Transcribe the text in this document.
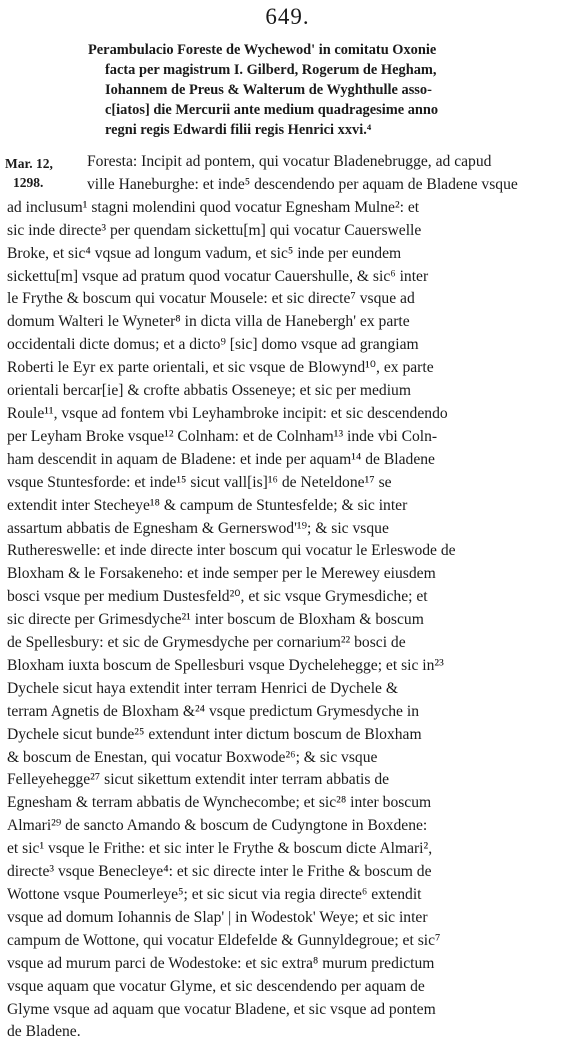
649.
Perambulacio Foreste de Wychewod' in comitatu Oxonie
facta per magistrum I. Gilberd, Rogerum de Hegham,
Iohannem de Preus & Walterum de Wyghthulle asso-
c[iatos] die Mercurii ante medium quadragesime anno
regni regis Edwardi filii regis Henrici xxvi.⁴
Mar. 12,
1298.
Foresta: Incipit ad pontem, qui vocatur Bladenebrugge, ad capud
ville Haneburghe: et inde⁵ descendendo per aquam de Bladene vsque
ad inclusum¹ stagni molendini quod vocatur Egnesham Mulne²: et
sic inde directe³ per quendam sickettu[m] qui vocatur Cauerswelle
Broke, et sic⁴ vqsue ad longum vadum, et sic⁵ inde per eundem
sickettu[m] vsque ad pratum quod vocatur Cauershulle, & sic⁶ inter
le Frythe & boscum qui vocatur Mousele: et sic directe⁷ vsque ad
domum Walteri le Wyneter⁸ in dicta villa de Hanebergh' ex parte
occidentali dicte domus; et a dicto⁹ [sic] domo vsque ad grangiam
Roberti le Eyr ex parte orientali, et sic vsque de Blowynd¹⁰, ex parte
orientali bercar[ie] & crofte abbatis Osseneye; et sic per medium
Roule¹¹, vsque ad fontem vbi Leyhambroke incipit: et sic descendendo
per Leyham Broke vsque¹² Colnham: et de Colnham¹³ inde vbi Coln-
ham descendit in aquam de Bladene: et inde per aquam¹⁴ de Bladene
vsque Stuntesforde: et inde¹⁵ sicut vall[is]¹⁶ de Neteldone¹⁷ se
extendit inter Stecheye¹⁸ & campum de Stuntesfelde; & sic inter
assartum abbatis de Egnesham & Gernerswod'¹⁹; & sic vsque
Ruthereswelle: et inde directe inter boscum qui vocatur le Erleswode de
Bloxham & le Forsakeneho: et inde semper per le Merewey eiusdem
bosci vsque per medium Dustesfeld²⁰, et sic vsque Grymesdiche; et
sic directe per Grimesdyche²¹ inter boscum de Bloxham & boscum
de Spellesbury: et sic de Grymesdyche per cornarium²² bosci de
Bloxham iuxta boscum de Spellesburi vsque Dychelehegge; et sic in²³
Dychele sicut haya extendit inter terram Henrici de Dychele &
terram Agnetis de Bloxham &²⁴ vsque predictum Grymesdyche in
Dychele sicut bunde²⁵ extendunt inter dictum boscum de Bloxham
& boscum de Enestan, qui vocatur Boxwode²⁶; & sic vsque
Felleyehegge²⁷ sicut sikettum extendit inter terram abbatis de
Egnesham & terram abbatis de Wynchecombe; et sic²⁸ inter boscum
Almari²⁹ de sancto Amando & boscum de Cudyngtone in Boxdene:
et sic¹ vsque le Frithe: et sic inter le Frythe & boscum dicte Almari²,
directe³ vsque Benecleye⁴: et sic directe inter le Frithe & boscum de
Wottone vsque Poumerleye⁵; et sic sicut via regia directe⁶ extendit
vsque ad domum Iohannis de Slap' | in Wodestok' Weye; et sic inter
campum de Wottone, qui vocatur Eldefelde & Gunnyldegroue; et sic⁷
vsque ad murum parci de Wodestoke: et sic extra⁸ murum predictum
vsque aquam que vocatur Glyme, et sic descendendo per aquam de
Glyme vsque ad aquam que vocatur Bladene, et sic vsque ad pontem
de Bladene.
